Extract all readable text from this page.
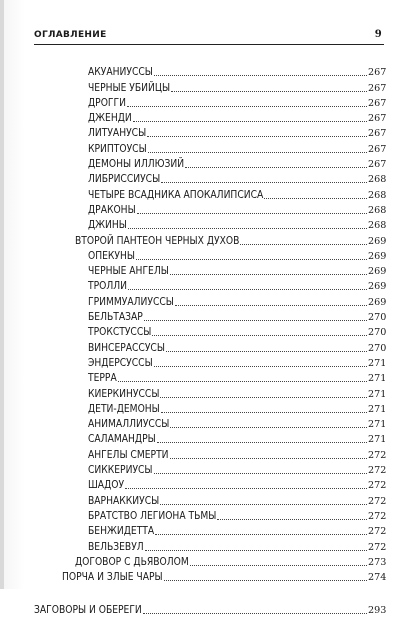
ОГЛАВЛЕНИЕ	9
АКУАНИУССЫ	267
ЧЕРНЫЕ УБИЙЦЫ	267
ДРОГГИ	267
ДЖЕНДИ	267
ЛИТУАНУСЫ	267
КРИПТОУСЫ	267
ДЕМОНЫ ИЛЛЮЗИЙ	267
ЛИБРИССИУСЫ	268
ЧЕТЫРЕ ВСАДНИКА АПОКАЛИПСИСА	268
ДРАКОНЫ	268
ДЖИНЫ	268
ВТОРОЙ ПАНТЕОН ЧЕРНЫХ ДУХОВ	269
ОПЕКУНЫ	269
ЧЕРНЫЕ АНГЕЛЫ	269
ТРОЛЛИ	269
ГРИММУАЛИУССЫ	269
БЕЛЬТАЗАР	270
ТРОКСТУССЫ	270
ВИНСЕРАССУСЫ	270
ЭНДЕРСУССЫ	271
ТЕРРА	271
КИЕРКИНУССЫ	271
ДЕТИ-ДЕМОНЫ	271
АНИМАЛЛИУССЫ	271
САЛАМАНДРЫ	271
АНГЕЛЫ СМЕРТИ	272
СИККЕРИУСЫ	272
ШАДОУ	272
ВАРНАККИУСЫ	272
БРАТСТВО ЛЕГИОНА ТЬМЫ	272
БЕНЖИДЕТТА	272
ВЕЛЬЗЕВУЛ	272
ДОГОВОР С ДЬЯВОЛОМ	273
ПОРЧА И ЗЛЫЕ ЧАРЫ	274
ЗАГОВОРЫ И ОБЕРЕГИ	293
